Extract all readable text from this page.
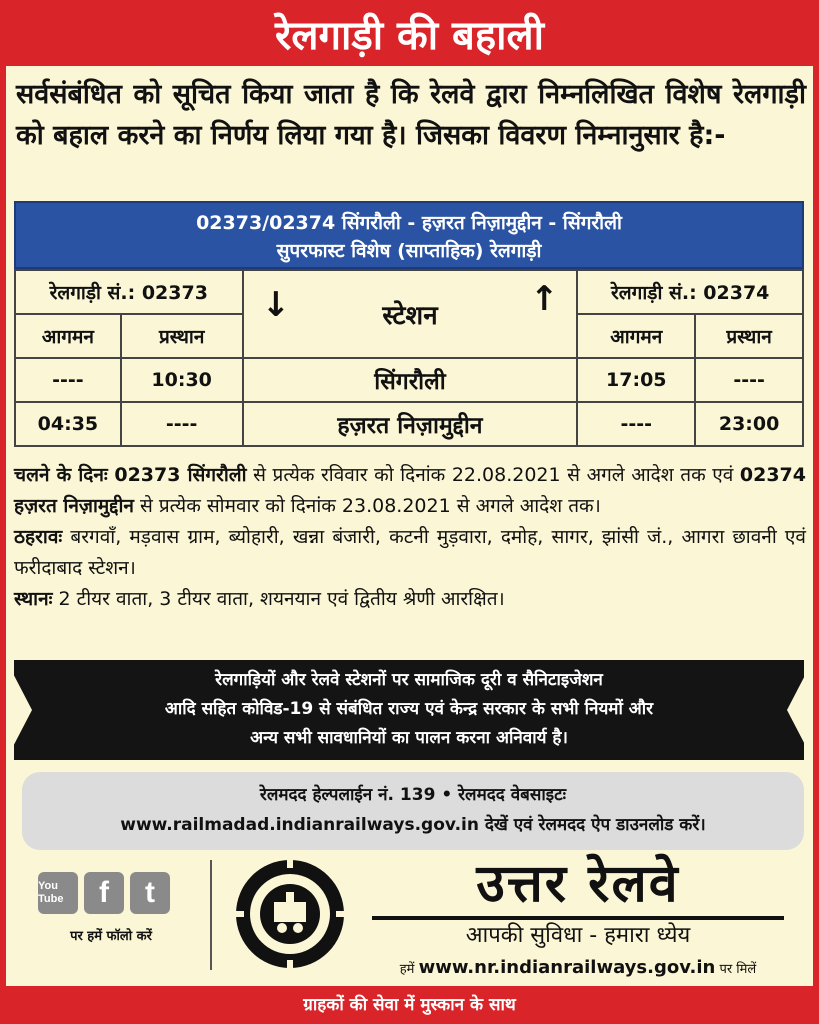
रेलगाड़ी की बहाली
सर्वसंबंधित को सूचित किया जाता है कि रेलवे द्वारा निम्नलिखित विशेष रेलगाड़ी को बहाल करने का निर्णय लिया गया है। जिसका विवरण निम्नानुसार है:-
02373/02374 सिंगरौली - हज़रत निज़ामुद्दीन - सिंगरौली
सुपरफास्ट विशेष (साप्ताहिक) रेलगाड़ी
रेलगाड़ी सं.: 02373		↓ स्टेशन ↑	रेलगाड़ी सं.: 02374	
आगमन	प्रस्थान		आगमन	प्रस्थान
----	10:30	सिंगरौली	17:05	----
04:35	----	हज़रत निज़ामुद्दीन	----	23:00

चलने के दिनः 02373 सिंगरौली से प्रत्येक रविवार को दिनांक 22.08.2021 से अगले आदेश तक एवं 02374 हज़रत निज़ामुद्दीन से प्रत्येक सोमवार को दिनांक 23.08.2021 से अगले आदेश तक।

ठहरावः बरगवाँ, मड़वास ग्राम, ब्योहारी, खन्ना बंजारी, कटनी मुड़वारा, दमोह, सागर, झांसी जं., आगरा छावनी एवं फरीदाबाद स्टेशन।

स्थानः 2 टीयर वाता, 3 टीयर वाता, शयनयान एवं द्वितीय श्रेणी आरक्षित।

रेलगाड़ियों और रेलवे स्टेशनों पर सामाजिक दूरी व सैनिटाइजेशन
आदि सहित कोविड-19 से संबंधित राज्य एवं केन्द्र सरकार के सभी नियमों और
अन्य सभी सावधानियों का पालन करना अनिवार्य है।
रेलमदद हेल्पलाईन नं. 139 • रेलमदद वेबसाइटः
www.railmadad.indianrailways.gov.in देखें एवं रेलमदद ऐप डाउनलोड करें।
You Tube	f	t
पर हमें फॉलो करें
उत्तर रेलवे
आपकी सुविधा - हमारा ध्येय
हमें www.nr.indianrailways.gov.in पर मिलें
ग्राहकों की सेवा में मुस्कान के साथ
